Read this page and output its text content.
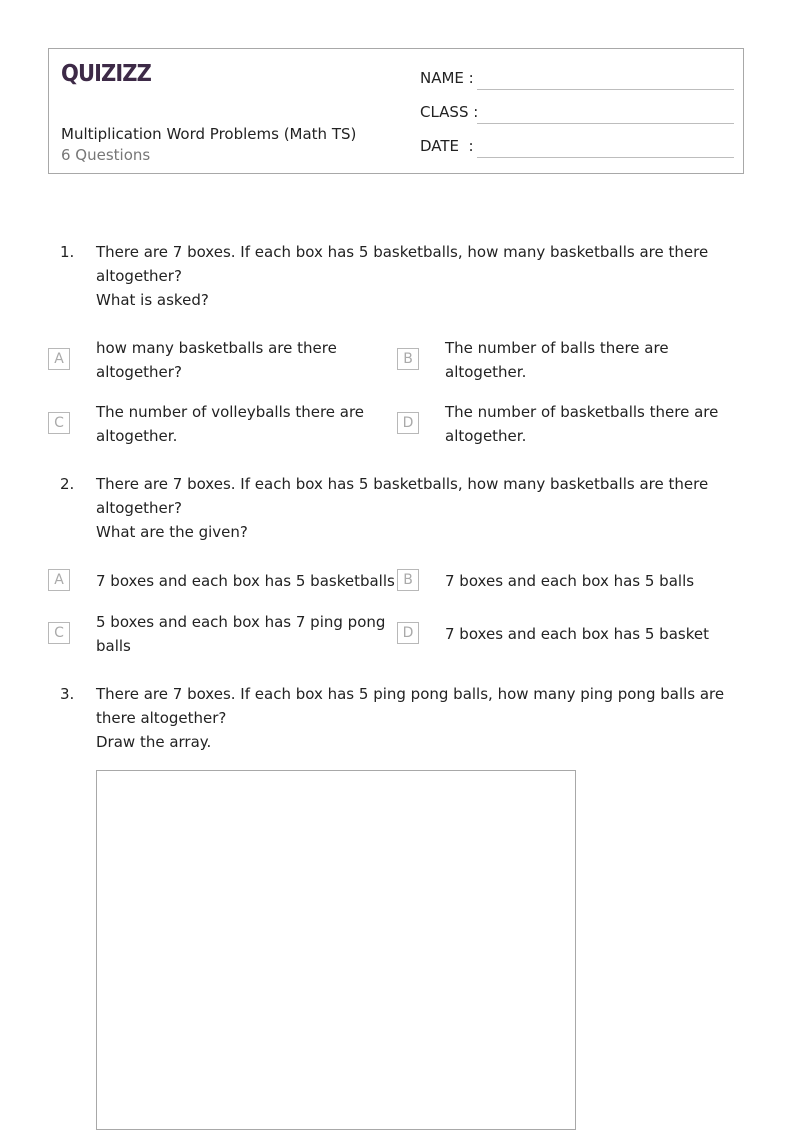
QUIZIZZ
Multiplication Word Problems (Math TS)
6 Questions
NAME :
CLASS :
DATE  :
1. There are 7 boxes. If each box has 5 basketballs, how many basketballs are there
altogether?
What is asked?
A
how many basketballs are there altogether?
B
The number of balls there are altogether.
C
The number of volleyballs there are altogether.
D
The number of basketballs there are altogether.
2. There are 7 boxes. If each box has 5 basketballs, how many basketballs are there
altogether?
What are the given?
A	7 boxes and each box has 5 basketballs B	7 boxes and each box has 5 balls
C
5 boxes and each box has 7 ping pong balls
D	7 boxes and each box has 5 basket
3. There are 7 boxes. If each box has 5 ping pong balls, how many ping pong balls are
there altogether?
Draw the array.
